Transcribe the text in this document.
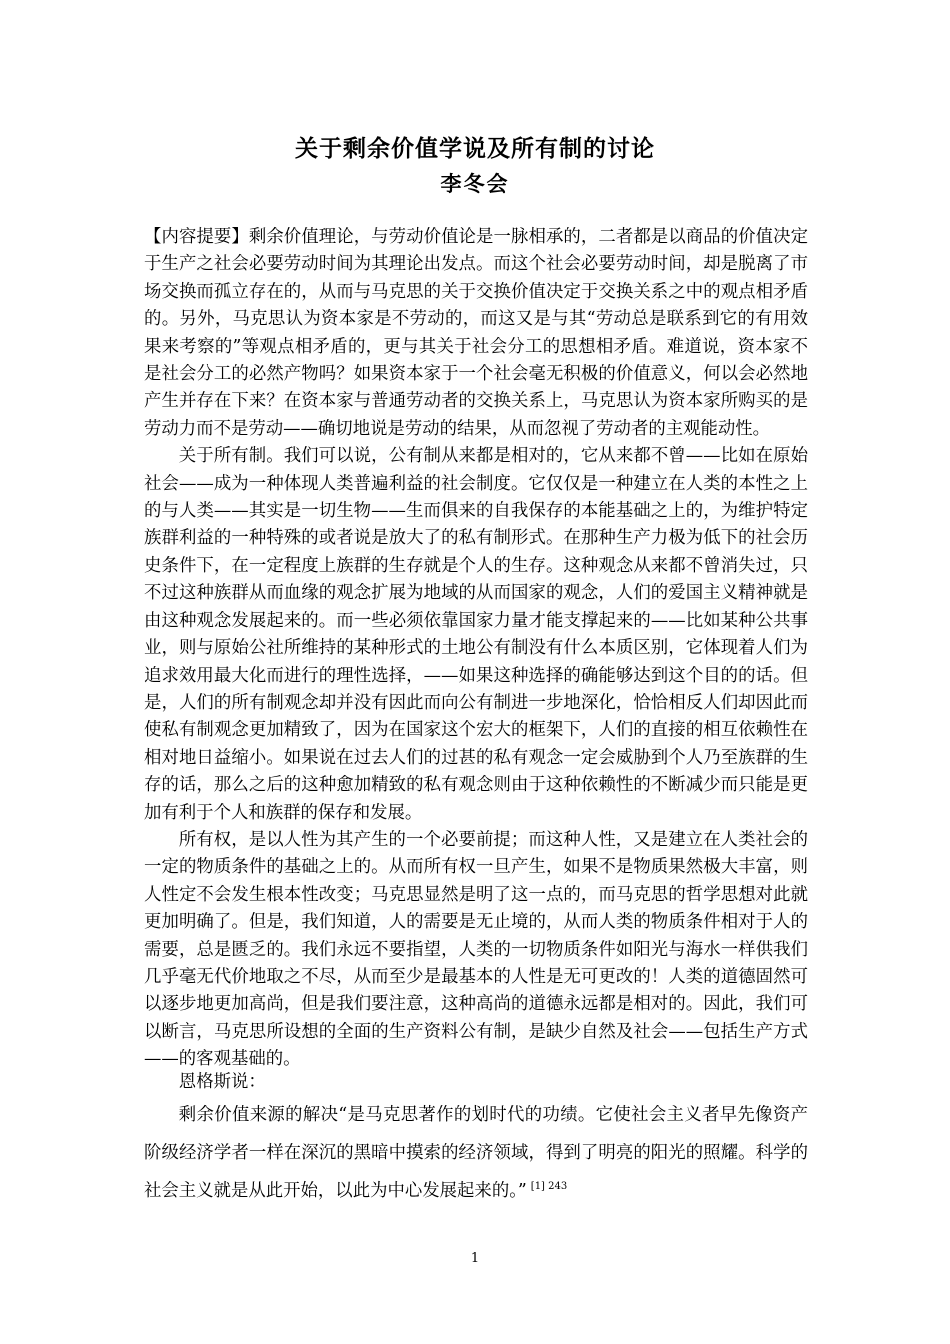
关于剩余价值学说及所有制的讨论
李冬会

【内容提要】剩余价值理论，与劳动价值论是一脉相承的，二者都是以商品的价值决定于生产之社会必要劳动时间为其理论出发点。而这个社会必要劳动时间，却是脱离了市场交换而孤立存在的，从而与马克思的关于交换价值决定于交换关系之中的观点相矛盾的。另外，马克思认为资本家是不劳动的，而这又是与其“劳动总是联系到它的有用效果来考察的”等观点相矛盾的，更与其关于社会分工的思想相矛盾。难道说，资本家不是社会分工的必然产物吗？如果资本家于一个社会毫无积极的价值意义，何以会必然地产生并存在下来？在资本家与普通劳动者的交换关系上，马克思认为资本家所购买的是劳动力而不是劳动——确切地说是劳动的结果，从而忽视了劳动者的主观能动性。

关于所有制。我们可以说，公有制从来都是相对的，它从来都不曾——比如在原始社会——成为一种体现人类普遍利益的社会制度。它仅仅是一种建立在人类的本性之上的与人类——其实是一切生物——生而俱来的自我保存的本能基础之上的，为维护特定族群利益的一种特殊的或者说是放大了的私有制形式。在那种生产力极为低下的社会历史条件下，在一定程度上族群的生存就是个人的生存。这种观念从来都不曾消失过，只不过这种族群从而血缘的观念扩展为地域的从而国家的观念，人们的爱国主义精神就是由这种观念发展起来的。而一些必须依靠国家力量才能支撑起来的——比如某种公共事业，则与原始公社所维持的某种形式的土地公有制没有什么本质区别，它体现着人们为追求效用最大化而进行的理性选择，——如果这种选择的确能够达到这个目的的话。但是，人们的所有制观念却并没有因此而向公有制进一步地深化，恰恰相反人们却因此而使私有制观念更加精致了，因为在国家这个宏大的框架下，人们的直接的相互依赖性在相对地日益缩小。如果说在过去人们的过甚的私有观念一定会威胁到个人乃至族群的生存的话，那么之后的这种愈加精致的私有观念则由于这种依赖性的不断减少而只能是更加有利于个人和族群的保存和发展。

所有权，是以人性为其产生的一个必要前提；而这种人性，又是建立在人类社会的一定的物质条件的基础之上的。从而所有权一旦产生，如果不是物质果然极大丰富，则人性定不会发生根本性改变；马克思显然是明了这一点的，而马克思的哲学思想对此就更加明确了。但是，我们知道，人的需要是无止境的，从而人类的物质条件相对于人的需要，总是匮乏的。我们永远不要指望，人类的一切物质条件如阳光与海水一样供我们几乎毫无代价地取之不尽，从而至少是最基本的人性是无可更改的！人类的道德固然可以逐步地更加高尚，但是我们要注意，这种高尚的道德永远都是相对的。因此，我们可以断言，马克思所设想的全面的生产资料公有制，是缺少自然及社会——包括生产方式——的客观基础的。

恩格斯说：

剩余价值来源的解决“是马克思著作的划时代的功绩。它使社会主义者早先像资产阶级经济学者一样在深沉的黑暗中摸索的经济领域，得到了明亮的阳光的照耀。科学的社会主义就是从此开始，以此为中心发展起来的。” $^{[1] 243}$

1
